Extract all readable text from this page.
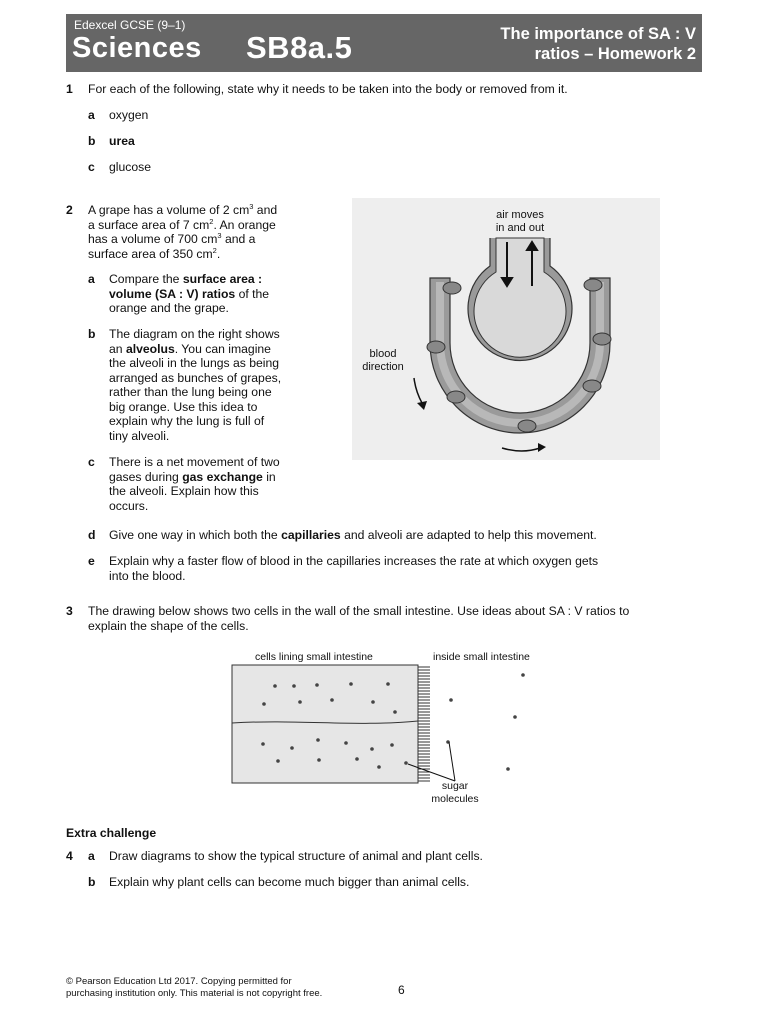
Edexcel GCSE (9–1)
Sciences SB8a.5	The importance of SA : V
ratios – Homework 2
1 For each of the following, state why it needs to be taken into the body or removed from it.
a oxygen
b urea
c glucose
2 A grape has a volume of 2 $cm^3$ and
a surface area of 7 $cm^2$. An orange
has a volume of 700 $cm^3$ and a
surface area of 350 $cm^2$.
a Compare the surface area :
volume (SA : V) ratios of the
orange and the grape.
b The diagram on the right shows
an alveolus. You can imagine
the alveoli in the lungs as being
arranged as bunches of grapes,
rather than the lung being one
big orange. Use this idea to
explain why the lung is full of
tiny alveoli.
c There is a net movement of two
gases during gas exchange in
the alveoli. Explain how this
occurs.
air moves
in and out
blood
direction
d Give one way in which both the capillaries and alveoli are adapted to help this movement.
e Explain why a faster flow of blood in the capillaries increases the rate at which oxygen gets
into the blood.
3 The drawing below shows two cells in the wall of the small intestine. Use ideas about SA : V ratios to
explain the shape of the cells.
cells lining small intestine	inside small intestine
sugar
molecules
Extra challenge
4 a Draw diagrams to show the typical structure of animal and plant cells.
b Explain why plant cells can become much bigger than animal cells.
© Pearson Education Ltd 2017. Copying permitted for
purchasing institution only. This material is not copyright free.	6
